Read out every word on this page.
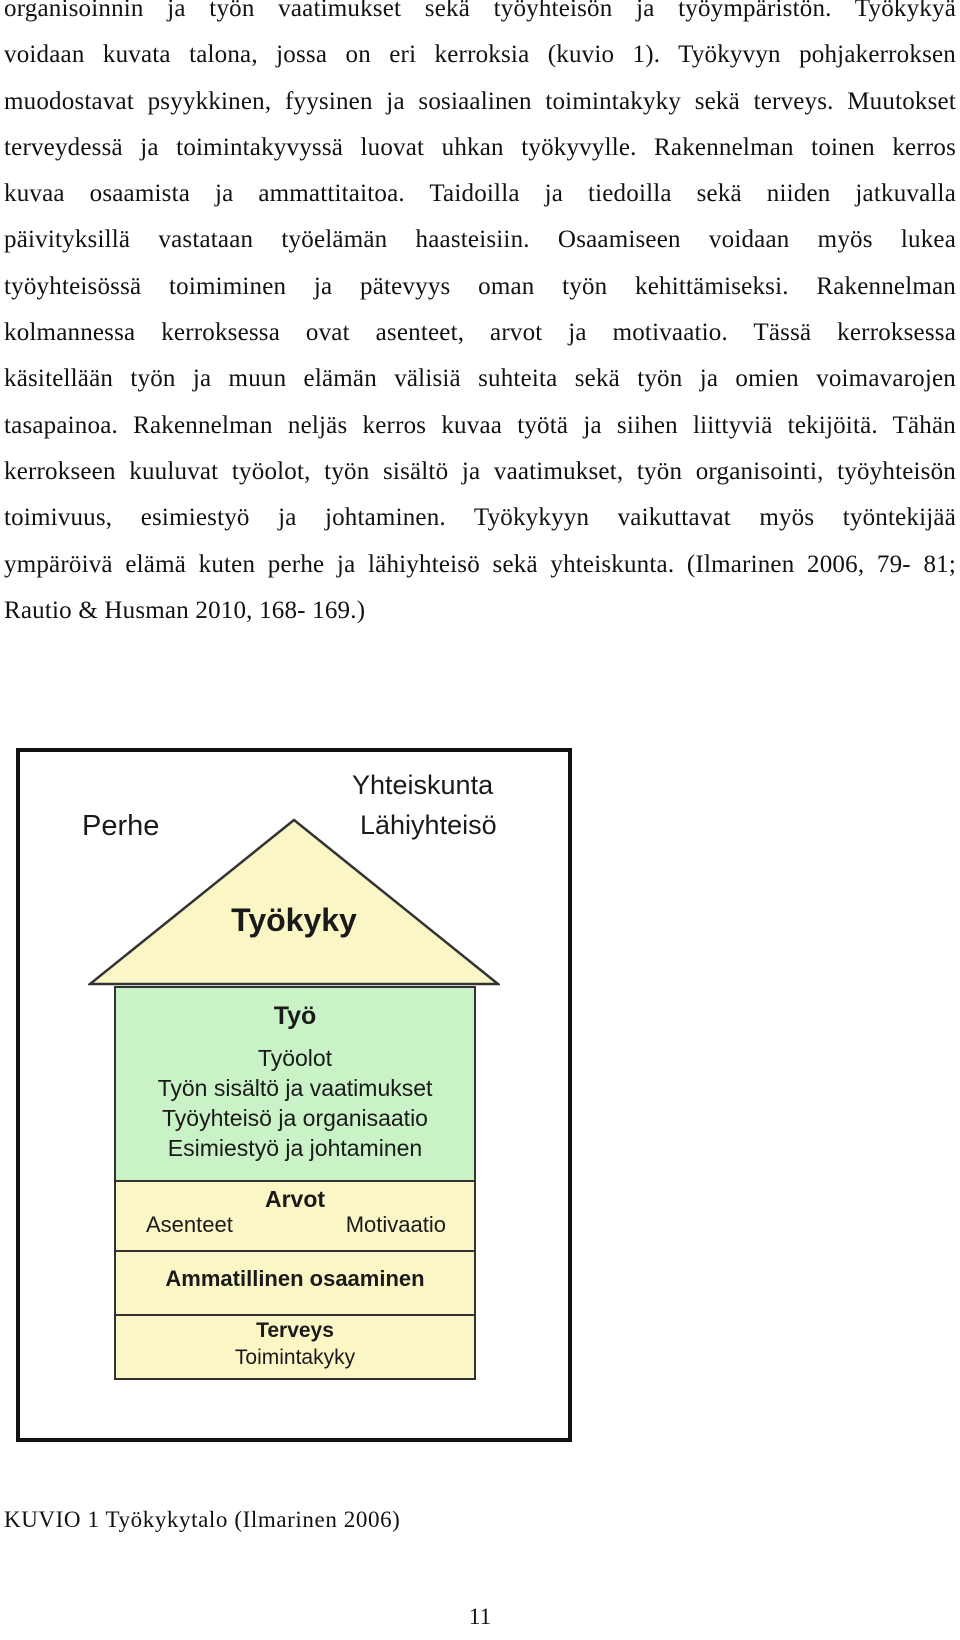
organisoinnin ja työn vaatimukset sekä työyhteisön ja työympäristön. Työkykyä
voidaan kuvata talona, jossa on eri kerroksia (kuvio 1). Työkyvyn pohjakerroksen
muodostavat psyykkinen, fyysinen ja sosiaalinen toimintakyky sekä terveys. Muutokset
terveydessä ja toimintakyvyssä luovat uhkan työkyvylle. Rakennelman toinen kerros
kuvaa osaamista ja ammattitaitoa. Taidoilla ja tiedoilla sekä niiden jatkuvalla
päivityksillä vastataan työelämän haasteisiin. Osaamiseen voidaan myös lukea
työyhteisössä toimiminen ja pätevyys oman työn kehittämiseksi. Rakennelman
kolmannessa kerroksessa ovat asenteet, arvot ja motivaatio. Tässä kerroksessa
käsitellään työn ja muun elämän välisiä suhteita sekä työn ja omien voimavarojen
tasapainoa. Rakennelman neljäs kerros kuvaa työtä ja siihen liittyviä tekijöitä. Tähän
kerrokseen kuuluvat työolot, työn sisältö ja vaatimukset, työn organisointi, työyhteisön
toimivuus, esimiestyö ja johtaminen. Työkykyyn vaikuttavat myös työntekijää
ympäröivä elämä kuten perhe ja lähiyhteisö sekä yhteiskunta. (Ilmarinen 2006, 79- 81;
Rautio & Husman 2010, 168- 169.)
Yhteiskunta
Perhe	Lähiyhteisö
Työkyky
Työ
Työolot
Työn sisältö ja vaatimukset
Työyhteisö ja organisaatio
Esimiestyö ja johtaminen
Arvot
Asenteet	Motivaatio
Ammatillinen osaaminen
Terveys
Toimintakyky
KUVIO 1 Työkykytalo (Ilmarinen 2006)
11
